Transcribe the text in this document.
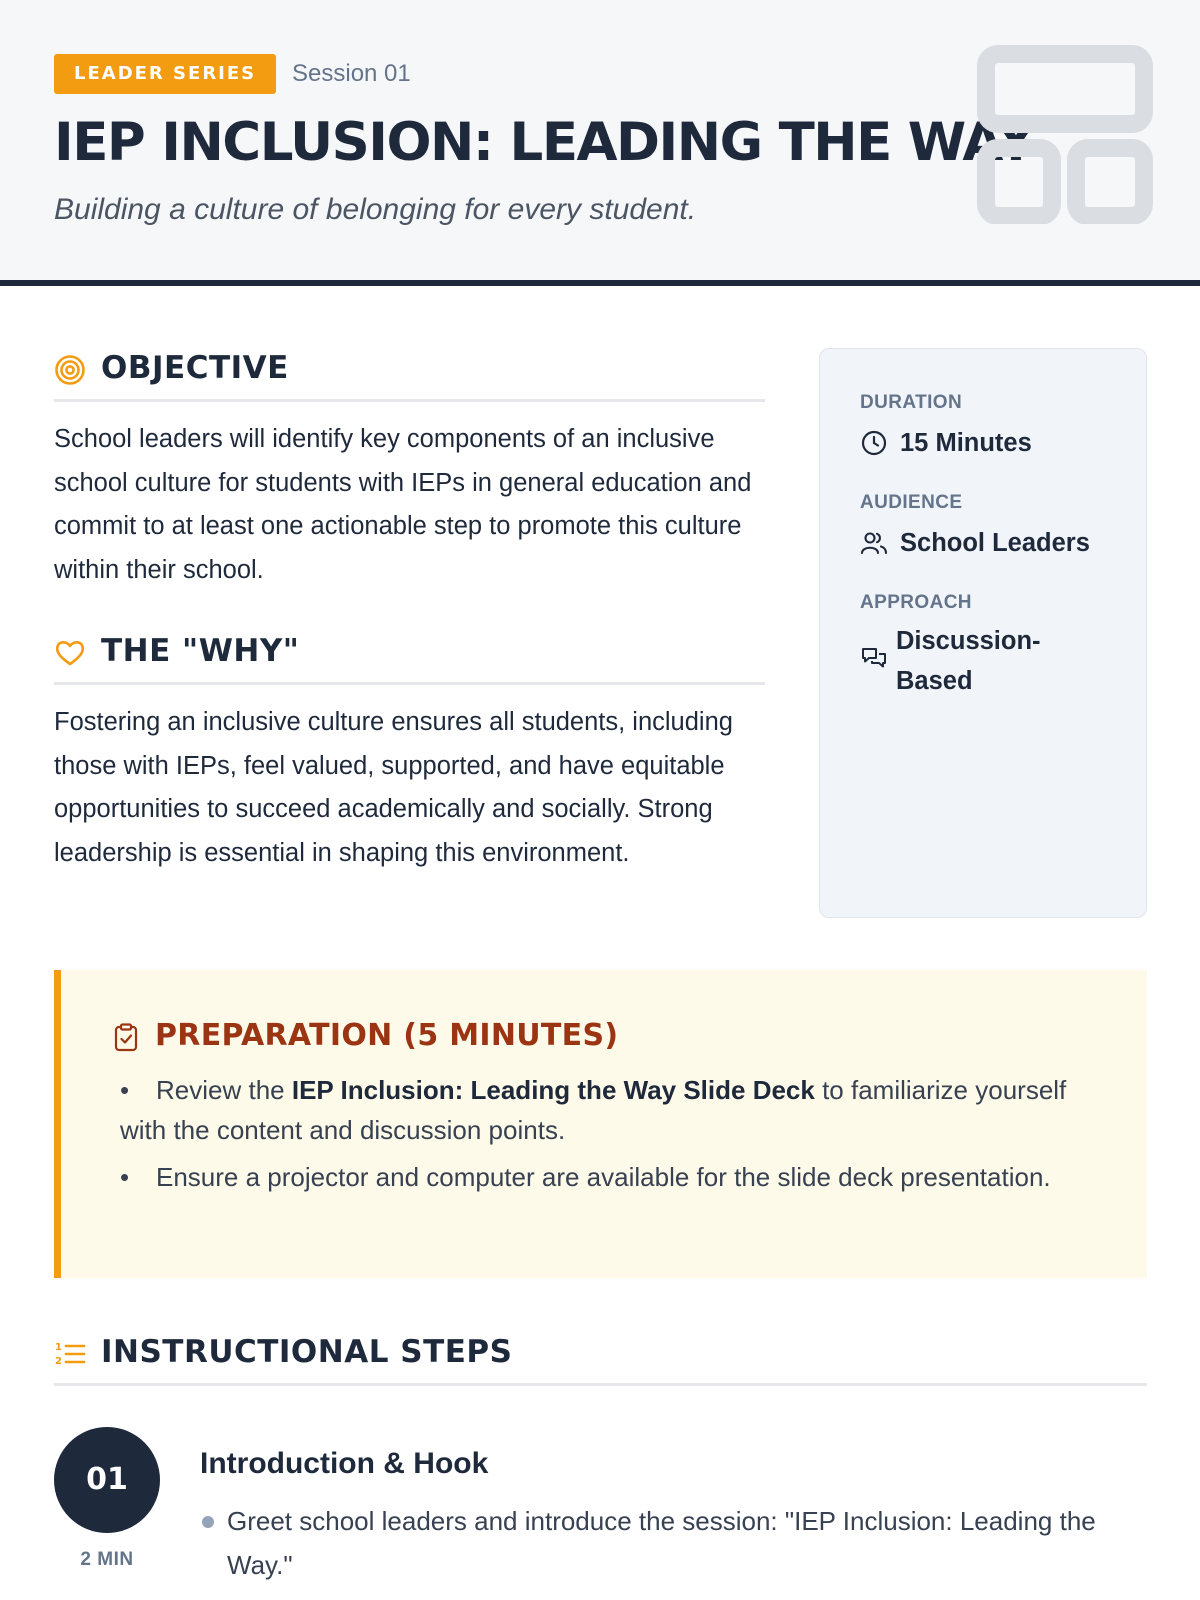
LEADER SERIES	Session 01
IEP INCLUSION: LEADING THE WAY
Building a culture of belonging for every student.
OBJECTIVE
School leaders will identify key components of an inclusive school culture for students with IEPs in general education and commit to at least one actionable step to promote this culture within their school.
THE "WHY"
Fostering an inclusive culture ensures all students, including those with IEPs, feel valued, supported, and have equitable opportunities to succeed academically and socially. Strong leadership is essential in shaping this environment.
DURATION
15 Minutes
AUDIENCE
School Leaders
APPROACH
Discussion-
Based
PREPARATION (5 MINUTES)
• Review the IEP Inclusion: Leading the Way Slide Deck to familiarize yourself with the content and discussion points.
• Ensure a projector and computer are available for the slide deck presentation.
1
2 INSTRUCTIONAL STEPS
01
2 MIN
Introduction & Hook
Greet school leaders and introduce the session: "IEP Inclusion: Leading the Way."
